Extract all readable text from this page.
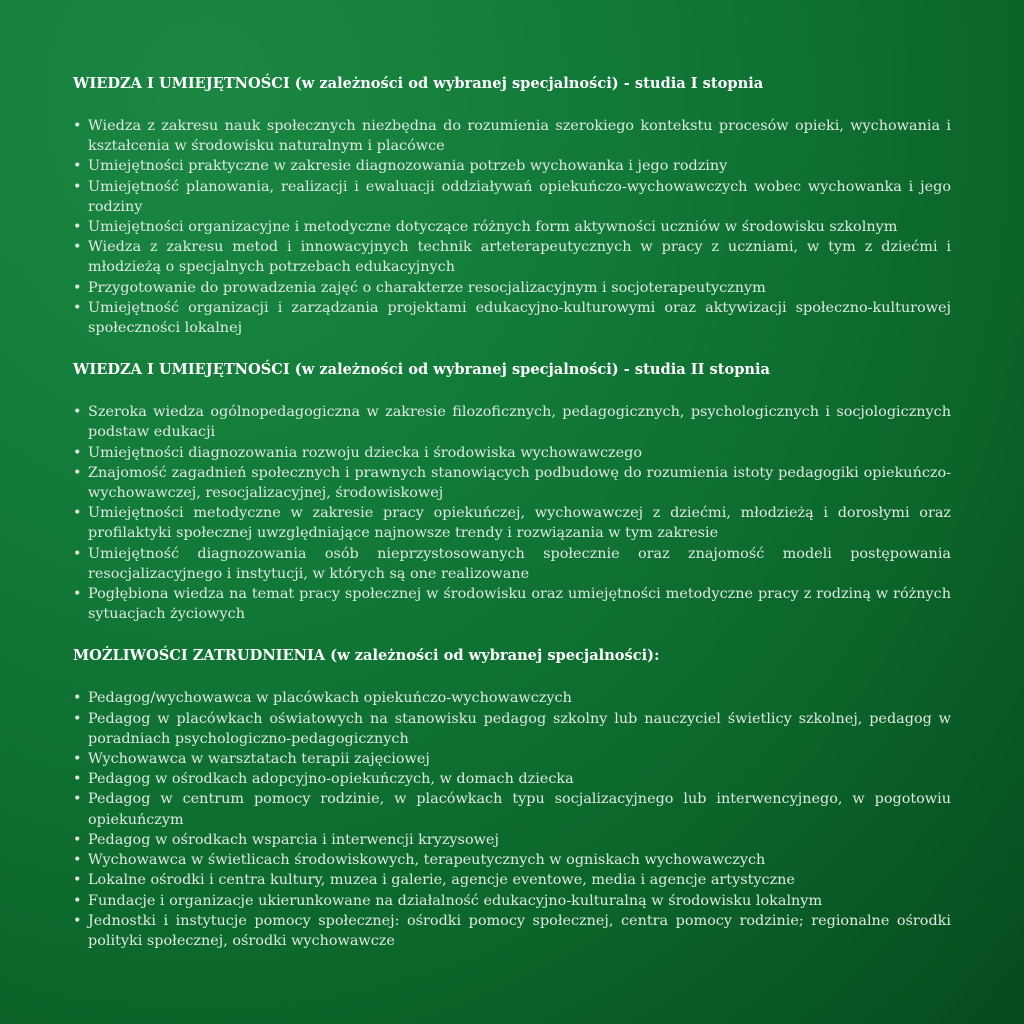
WIEDZA I UMIEJĘTNOŚCI (w zależności od wybranej specjalności) - studia I stopnia
• Wiedza z zakresu nauk społecznych niezbędna do rozumienia szerokiego kontekstu procesów opieki, wychowania i kształcenia w środowisku naturalnym i placówce
• Umiejętności praktyczne w zakresie diagnozowania potrzeb wychowanka i jego rodziny
• Umiejętność planowania, realizacji i ewaluacji oddziaływań opiekuńczo-wychowawczych wobec wychowanka i jego rodziny
• Umiejętności organizacyjne i metodyczne dotyczące różnych form aktywności uczniów w środowisku szkolnym
• Wiedza z zakresu metod i innowacyjnych technik arteterapeutycznych w pracy z uczniami, w tym z dziećmi i młodzieżą o specjalnych potrzebach edukacyjnych
• Przygotowanie do prowadzenia zajęć o charakterze resocjalizacyjnym i socjoterapeutycznym
• Umiejętność organizacji i zarządzania projektami edukacyjno-kulturowymi oraz aktywizacji społeczno-kulturowej społeczności lokalnej
WIEDZA I UMIEJĘTNOŚCI (w zależności od wybranej specjalności) - studia II stopnia
• Szeroka wiedza ogólnopedagogiczna w zakresie filozoficznych, pedagogicznych, psychologicznych i socjologicznych podstaw edukacji
• Umiejętności diagnozowania rozwoju dziecka i środowiska wychowawczego
• Znajomość zagadnień społecznych i prawnych stanowiących podbudowę do rozumienia istoty pedagogiki opiekuńczo-wychowawczej, resocjalizacyjnej, środowiskowej
• Umiejętności metodyczne w zakresie pracy opiekuńczej, wychowawczej z dziećmi, młodzieżą i dorosłymi oraz profilaktyki społecznej uwzględniające najnowsze trendy i rozwiązania w tym zakresie
• Umiejętność diagnozowania osób nieprzystosowanych społecznie oraz znajomość modeli postępowania resocjalizacyjnego i instytucji, w których są one realizowane
• Pogłębiona wiedza na temat pracy społecznej w środowisku oraz umiejętności metodyczne pracy z rodziną w różnych sytuacjach życiowych
MOŻLIWOŚCI ZATRUDNIENIA (w zależności od wybranej specjalności):
• Pedagog/wychowawca w placówkach opiekuńczo-wychowawczych
• Pedagog w placówkach oświatowych na stanowisku pedagog szkolny lub nauczyciel świetlicy szkolnej, pedagog w poradniach psychologiczno-pedagogicznych
• Wychowawca w warsztatach terapii zajęciowej
• Pedagog w ośrodkach adopcyjno-opiekuńczych, w domach dziecka
• Pedagog w centrum pomocy rodzinie, w placówkach typu socjalizacyjnego lub interwencyjnego, w pogotowiu opiekuńczym
• Pedagog w ośrodkach wsparcia i interwencji kryzysowej
• Wychowawca w świetlicach środowiskowych, terapeutycznych w ogniskach wychowawczych
• Lokalne ośrodki i centra kultury, muzea i galerie, agencje eventowe, media i agencje artystyczne
• Fundacje i organizacje ukierunkowane na działalność edukacyjno-kulturalną w środowisku lokalnym
• Jednostki i instytucje pomocy społecznej: ośrodki pomocy społecznej, centra pomocy rodzinie; regionalne ośrodki polityki społecznej, ośrodki wychowawcze
